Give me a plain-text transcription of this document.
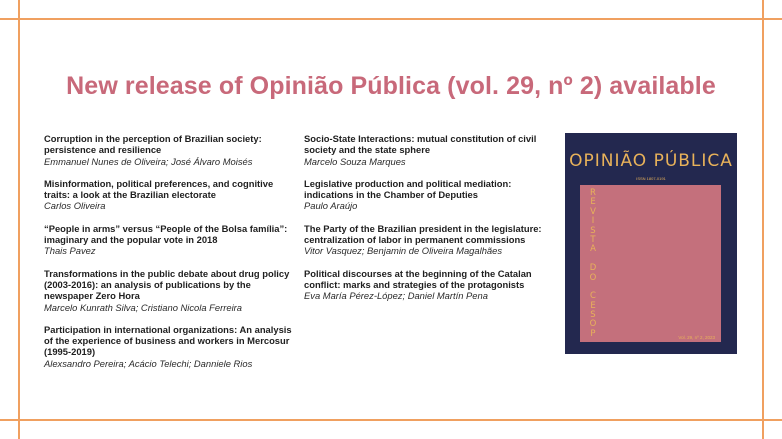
New release of Opinião Pública (vol. 29, nº 2) available
Corruption in the perception of Brazilian society: persistence and resilience
Emmanuel Nunes de Oliveira; José Álvaro Moisés
Misinformation, political preferences, and cognitive traits: a look at the Brazilian electorate
Carlos Oliveira
“People in arms” versus “People of the Bolsa família”: imaginary and the popular vote in 2018
Thais Pavez
Transformations in the public debate about drug policy (2003-2016): an analysis of publications by the newspaper Zero Hora
Marcelo Kunrath Silva; Cristiano Nicola Ferreira
Participation in international organizations: An analysis of the experience of business and workers in Mercosur (1995-2019)
Alexsandro Pereira; Acácio Telechi; Danniele Rios
Socio-State Interactions: mutual constitution of civil society and the state sphere
Marcelo Souza Marques
Legislative production and political mediation: indications in the Chamber of Deputies
Paulo Araújo
The Party of the Brazilian president in the legislature: centralization of labor in permanent commissions
Vitor Vasquez; Benjamin de Oliveira Magalhães
Political discourses at the beginning of the Catalan conflict: marks and strategies of the protagonists
Eva María Pérez-López; Daniel Martín Pena
OPINIÃO PÚBLICA
ISSN 1807-0191
R
E
V
I
S
T
A

D
O

C
E
S
O
P	Vol. 29, nº 2, 2023
